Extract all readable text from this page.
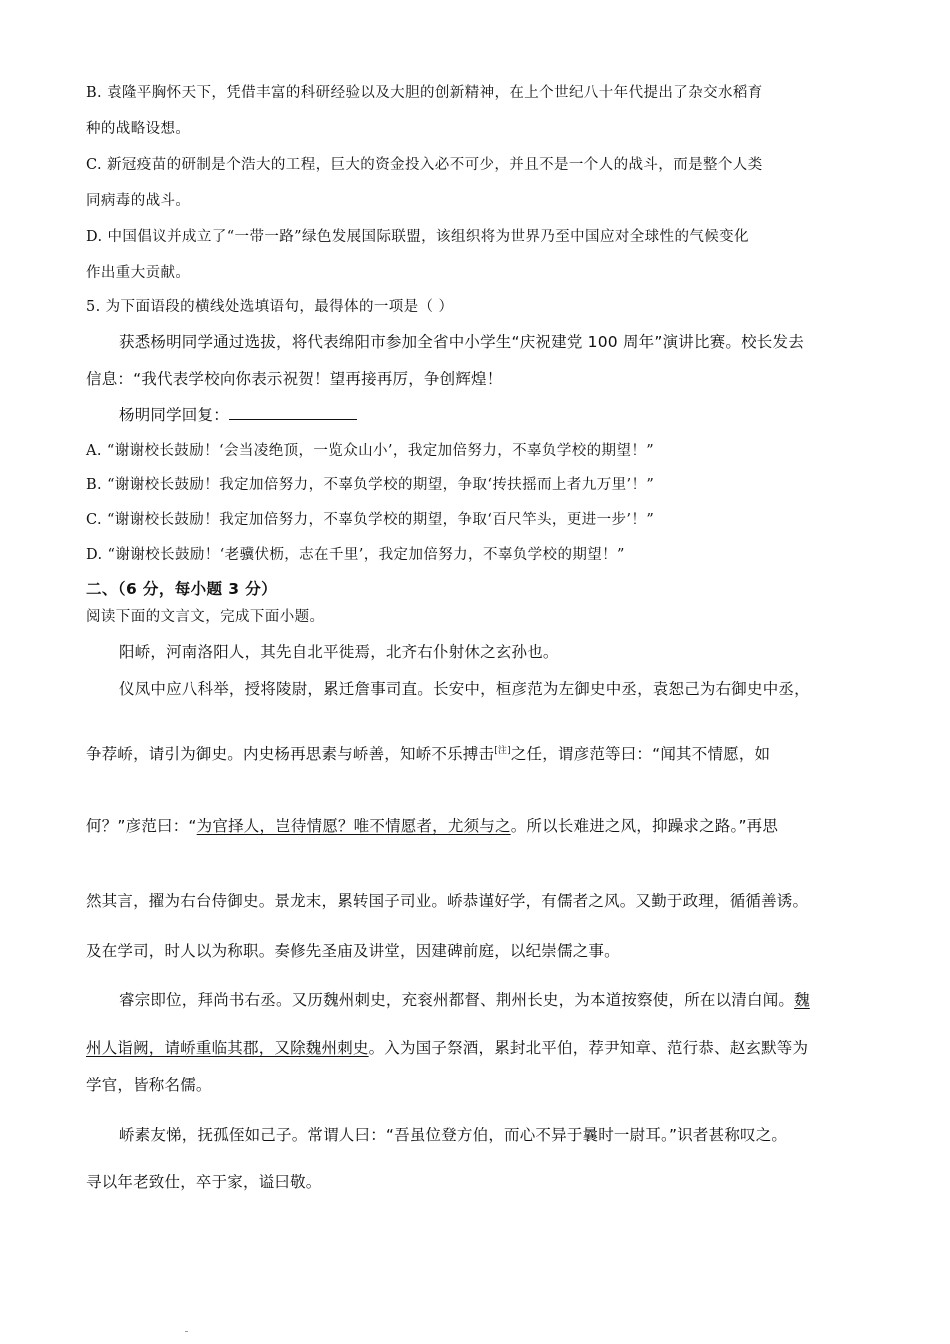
B. 袁隆平胸怀天下，凭借丰富的科研经验以及大胆的创新精神，在上个世纪八十年代提出了杂交水稻育
种的战略设想。
C. 新冠疫苗的研制是个浩大的工程，巨大的资金投入必不可少，并且不是一个人的战斗，而是整个人类
同病毒的战斗。
D. 中国倡议并成立了“一带一路”绿色发展国际联盟，该组织将为世界乃至中国应对全球性的气候变化
作出重大贡献。
5. 为下面语段的横线处选填语句，最得体的一项是（ ）
获悉杨明同学通过选拔，将代表绵阳市参加全省中小学生“庆祝建党 100 周年”演讲比赛。校长发去
信息：“我代表学校向你表示祝贺！望再接再厉，争创辉煌！
杨明同学回复：
A. “谢谢校长鼓励！‘会当凌绝顶，一览众山小’，我定加倍努力，不辜负学校的期望！”
B. “谢谢校长鼓励！我定加倍努力，不辜负学校的期望，争取‘抟扶摇而上者九万里’！”
C. “谢谢校长鼓励！我定加倍努力，不辜负学校的期望，争取‘百尺竿头，更进一步’！”
D. “谢谢校长鼓励！‘老骥伏枥，志在千里’，我定加倍努力，不辜负学校的期望！”
二、（6 分，每小题 3 分）
阅读下面的文言文，完成下面小题。
阳峤，河南洛阳人，其先自北平徙焉，北齐右仆射休之玄孙也。
仪凤中应八科举，授将陵尉，累迁詹事司直。长安中，桓彦范为左御史中丞，袁恕己为右御史中丞，
争荐峤，请引为御史。内史杨再思素与峤善，知峤不乐搏击[注]之任，谓彦范等曰：“闻其不情愿，如
何？”彦范曰：“为官择人，岂待情愿？唯不情愿者，尤须与之。所以长难进之风，抑躁求之路。”再思
然其言，擢为右台侍御史。景龙末，累转国子司业。峤恭谨好学，有儒者之风。又勤于政理，循循善诱。
及在学司，时人以为称职。奏修先圣庙及讲堂，因建碑前庭，以纪崇儒之事。
睿宗即位，拜尚书右丞。又历魏州刺史，充衮州都督、荆州长史，为本道按察使，所在以清白闻。魏
州人诣阙，请峤重临其郡，又除魏州刺史。入为国子祭酒，累封北平伯，荐尹知章、范行恭、赵玄默等为
学官，皆称名儒。
峤素友悌，抚孤侄如己子。常谓人曰：“吾虽位登方伯，而心不异于曩时一尉耳。”识者甚称叹之。
寻以年老致仕，卒于家，谥曰敬。
